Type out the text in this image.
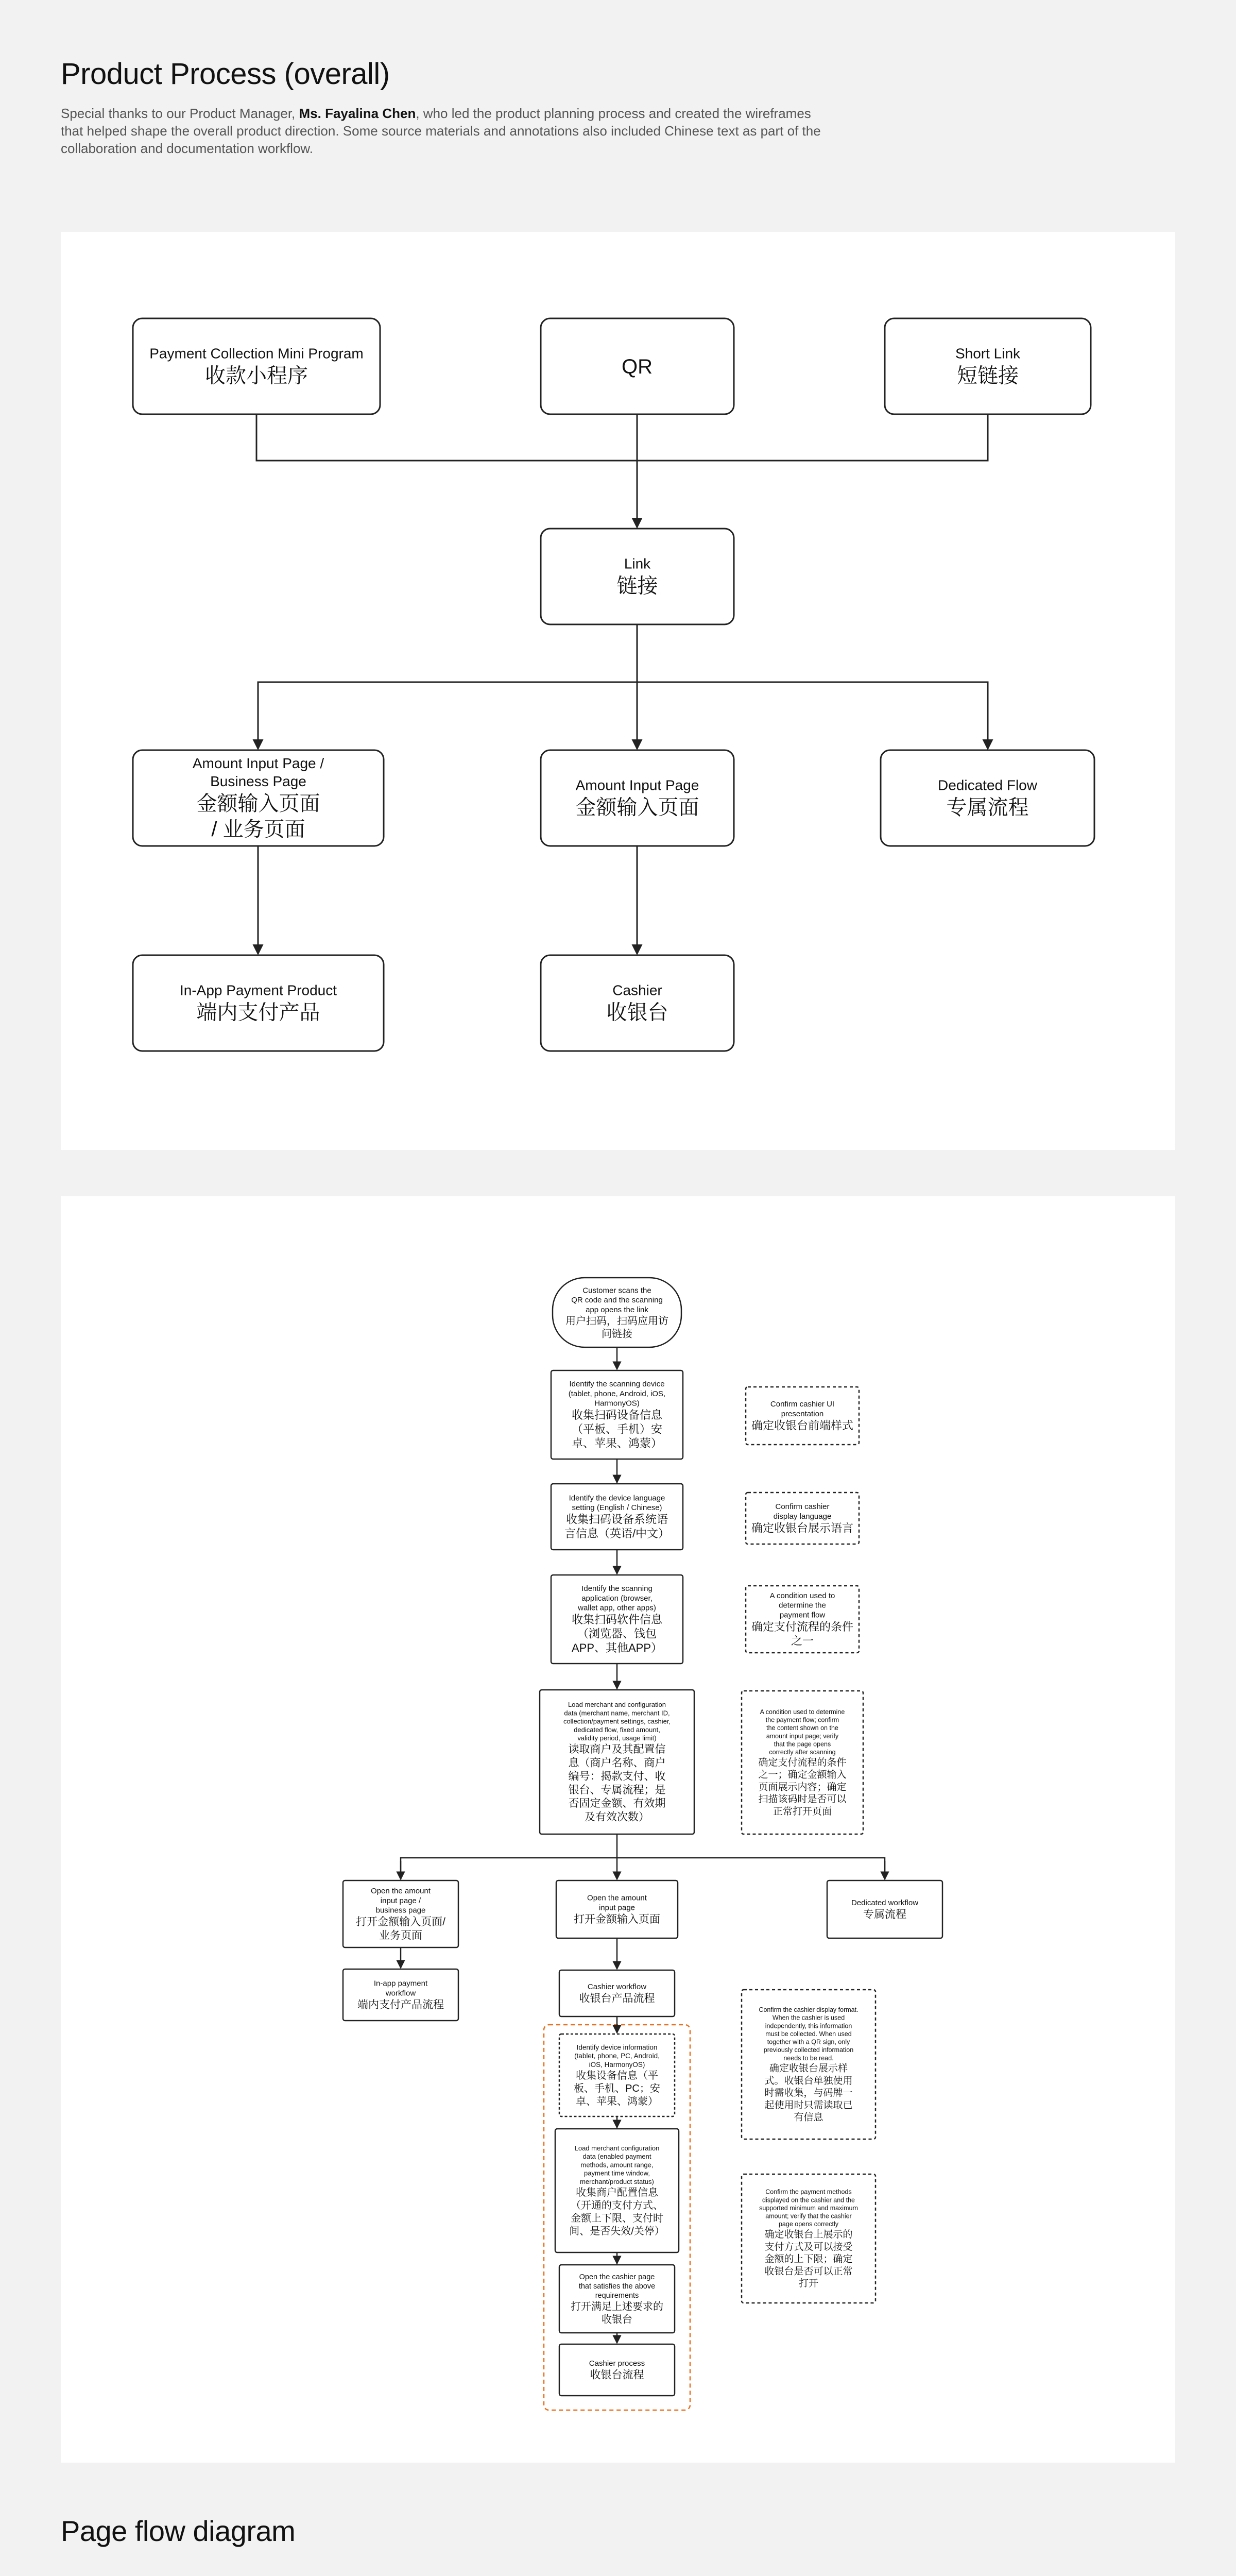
Product Process (overall)

Special thanks to our Product Manager, Ms. Fayalina Chen, who led the product planning process and created the wireframes that helped shape the overall product direction. Some source materials and annotations also included Chinese text as part of the collaboration and documentation workflow.

Payment Collection Mini Program 收款小程序	QR
Short Link 短链接
Link 链接
Amount Input Page / Business Page 金额输入页面/ 业务页面
Amount Input Page 金额输入页面
Dedicated Flow 专属流程
In-App Payment Product 端内支付产品
Cashier 收银台
Customer scans the QR code and the scanning app opens the link 用户扫码，扫码应用访问链接
Identify the scanning device (tablet, phone, Android, iOS, HarmonyOS)收集扫码设备信息（平板、手机）安卓、苹果、鸿蒙）
Identify the device language setting (English / Chinese)收集扫码设备系统语言信息（英语/中文）
Identify the scanning application (browser, wallet app, other apps)收集扫码软件信息（浏览器、钱包 APP、其他APP）
Load merchant and configuration data (merchant name, merchant ID, collection/payment settings, cashier, dedicated flow, fixed amount, validity period, usage limit)读取商户及其配置信息（商户名称、商户编号：揭款支付、收银台、专属流程；是否固定金额、有效期及有效次数）
Confirm cashier UI presentation 确定收银台前端样式
Confirm cashier display language 确定收银台展示语言
A condition used to determine the payment flow 确定支付流程的条件之一
A condition used to determine the payment flow; confirm the content shown on the amount input page; verify that the page opens correctly after scanning 确定支付流程的条件之一；确定金额输入页面展示内容；确定扫描该码时是否可以正常打开页面
Open the amount input page / business page 打开金额输入页面/业务页面
Open the amount input page 打开金额输入页面
Dedicated workflow 专属流程
In-app payment workflow 端内支付产品流程
Cashier workflow 收银台产品流程
Identify device information (tablet, phone, PC, Android, iOS, HarmonyOS)收集设备信息（平板、手机、PC；安卓、苹果、鸿蒙）
Load merchant configuration data (enabled payment methods, amount range, payment time window, merchant/product status)收集商户配置信息（开通的支付方式、金额上下限、支付时间、是否失效/关停）
Open the cashier page that satisfies the above requirements 打开满足上述要求的收银台
Cashier process 收银台流程
Confirm the cashier display format. When the cashier is used independently, this information must be collected. When used together with a QR sign, only previously collected information needs to be read.确定收银台展示样式。收银台单独使用时需收集，与码牌一起使用时只需读取已有信息
Confirm the payment methods displayed on the cashier and the supported minimum and maximum amount; verify that the cashier page opens correctly 确定收银台上展示的支付方式及可以接受金额的上下限；确定收银台是否可以正常打开
Page flow diagram
